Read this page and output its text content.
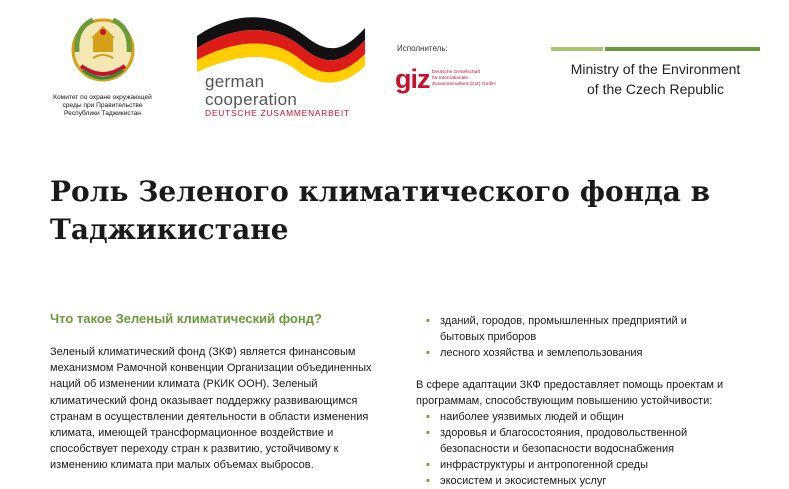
Комитет по охране окружающей
среды при Правительстве
Республики Таджикистан
german
cooperation
DEUTSCHE ZUSAMMENARBEIT
Исполнитель:
giz Deutsche Gesellschaft
für Internationale
Zusammenarbeit (GIZ) GmbH
Ministry of the Environment
of the Czech Republic
Роль Зеленого климатического фонда в Таджикистане
Что такое Зеленый климатический фонд?

Зеленый климатический фонд (ЗКФ) является финансовым механизмом Рамочной конвенции Организации объединенных наций об изменении климата (РКИК ООН). Зеленый климатический фонд оказывает поддержку развивающимся странам в осуществлении деятельности в области изменения климата, имеющей трансформационное воздействие и способствует переходу стран к развитию, устойчивому к изменению климата при малых объемах выбросов.

• зданий, городов, промышленных предприятий и бытовых приборов
• лесного хозяйства и землепользования

В сфере адаптации ЗКФ предоставляет помощь проектам и программам, способствующим повышению устойчивости:

• наиболее уязвимых людей и общин
• здоровья и благосостояния, продовольственной безопасности и безопасности водоснабжения
• инфраструктуры и антропогенной среды
• экосистем и экосистемных услуг
